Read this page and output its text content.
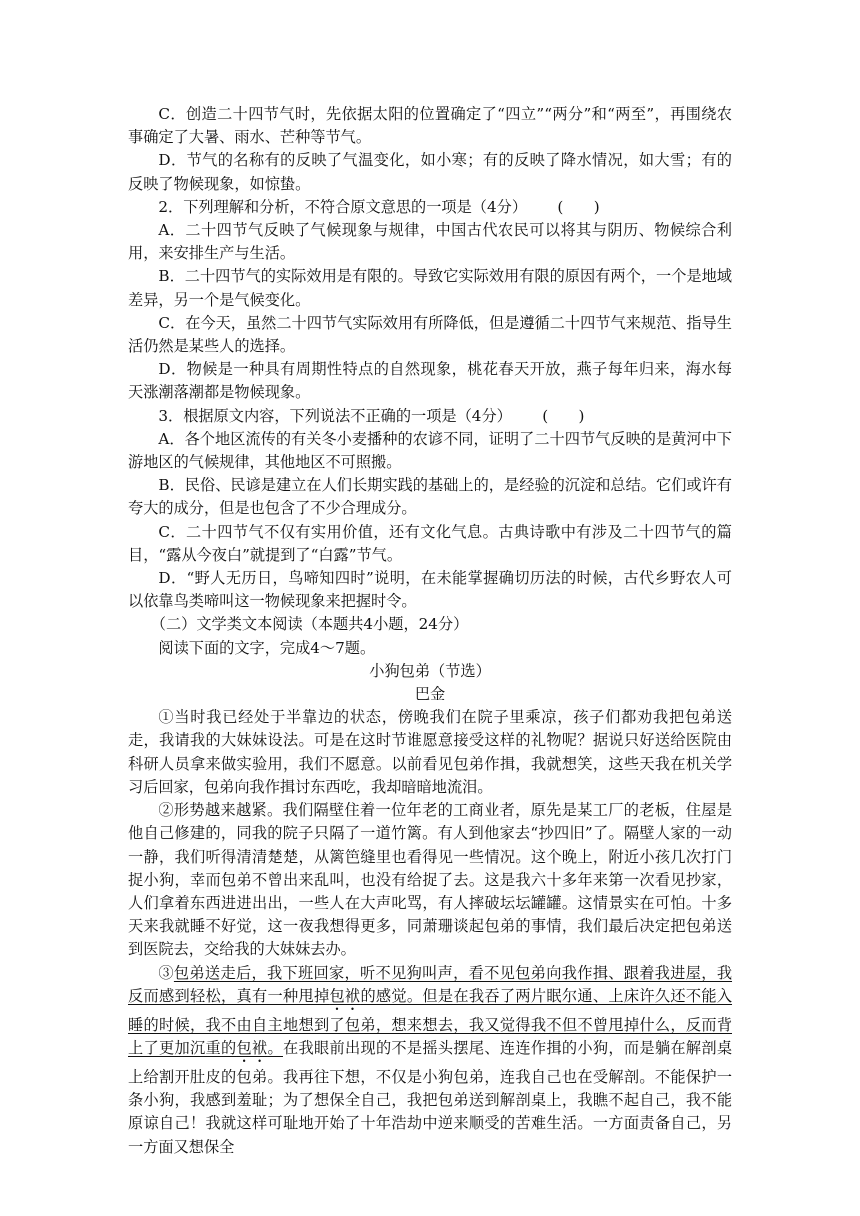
C．创造二十四节气时，先依据太阳的位置确定了“四立”“两分”和“两至”，再围绕农事确定了大暑、雨水、芒种等节气。

D．节气的名称有的反映了气温变化，如小寒；有的反映了降水情况，如大雪；有的反映了物候现象，如惊蛰。

2．下列理解和分析，不符合原文意思的一项是（4分） (　　)

A．二十四节气反映了气候现象与规律，中国古代农民可以将其与阴历、物候综合利用，来安排生产与生活。

B．二十四节气的实际效用是有限的。导致它实际效用有限的原因有两个，一个是地域差异，另一个是气候变化。

C．在今天，虽然二十四节气实际效用有所降低，但是遵循二十四节气来规范、指导生活仍然是某些人的选择。

D．物候是一种具有周期性特点的自然现象，桃花春天开放，燕子每年归来，海水每天涨潮落潮都是物候现象。

3．根据原文内容，下列说法不正确的一项是（4分） (　　)

A．各个地区流传的有关冬小麦播种的农谚不同，证明了二十四节气反映的是黄河中下游地区的气候规律，其他地区不可照搬。

B．民俗、民谚是建立在人们长期实践的基础上的，是经验的沉淀和总结。它们或许有夸大的成分，但是也包含了不少合理成分。

C．二十四节气不仅有实用价值，还有文化气息。古典诗歌中有涉及二十四节气的篇目，“露从今夜白”就提到了“白露”节气。

D．“野人无历日，鸟啼知四时”说明，在未能掌握确切历法的时候，古代乡野农人可以依靠鸟类啼叫这一物候现象来把握时令。

（二）文学类文本阅读（本题共4小题，24分）

阅读下面的文字，完成4～7题。

小狗包弟（节选）

巴金

①当时我已经处于半靠边的状态，傍晚我们在院子里乘凉，孩子们都劝我把包弟送走，我请我的大妹妹设法。可是在这时节谁愿意接受这样的礼物呢？据说只好送给医院由科研人员拿来做实验用，我们不愿意。以前看见包弟作揖，我就想笑，这些天我在机关学习后回家，包弟向我作揖讨东西吃，我却暗暗地流泪。

②形势越来越紧。我们隔壁住着一位年老的工商业者，原先是某工厂的老板，住屋是他自己修建的，同我的院子只隔了一道竹篱。有人到他家去“抄四旧”了。隔壁人家的一动一静，我们听得清清楚楚，从篱笆缝里也看得见一些情况。这个晚上，附近小孩几次打门捉小狗，幸而包弟不曾出来乱叫，也没有给捉了去。这是我六十多年来第一次看见抄家，人们拿着东西进进出出，一些人在大声叱骂，有人摔破坛坛罐罐。这情景实在可怕。十多天来我就睡不好觉，这一夜我想得更多，同萧珊谈起包弟的事情，我们最后决定把包弟送到医院去，交给我的大妹妹去办。

③包弟送走后，我下班回家，听不见狗叫声，看不见包弟向我作揖、跟着我进屋，我反而感到轻松，真有一种甩掉包袱的感觉。但是在我吞了两片眠尔通、上床许久还不能入睡的时候，我不由自主地想到了包弟，想来想去，我又觉得我不但不曾甩掉什么，反而背上了更加沉重的包袱。在我眼前出现的不是摇头摆尾、连连作揖的小狗，而是躺在解剖桌上给割开肚皮的包弟。我再往下想，不仅是小狗包弟，连我自己也在受解剖。不能保护一条小狗，我感到羞耻；为了想保全自己，我把包弟送到解剖桌上，我瞧不起自己，我不能原谅自己！我就这样可耻地开始了十年浩劫中逆来顺受的苦难生活。一方面责备自己，另一方面又想保全
